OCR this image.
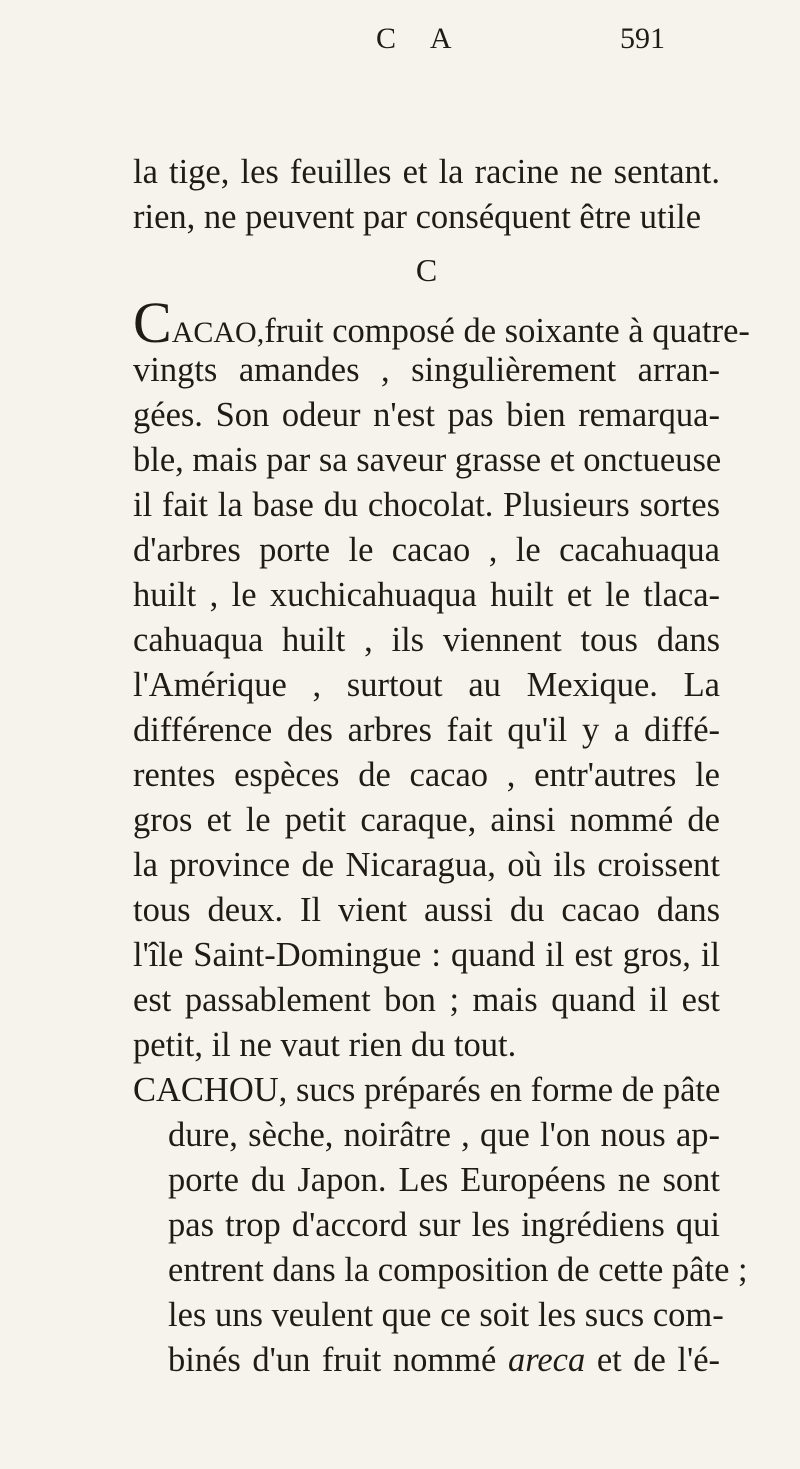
C A	591
la tige, les feuilles et la racine ne sentant.
rien, ne peuvent par conséquent être utile
C
CACAO,fruit composé de soixante à quatre-
vingts amandes , singulièrement arran-
gées. Son odeur n'est pas bien remarqua-
ble, mais par sa saveur grasse et onctueuse
il fait la base du chocolat. Plusieurs sortes
d'arbres porte le cacao , le cacahuaqua
huilt , le xuchicahuaqua huilt et le tlaca-
cahuaqua huilt , ils viennent tous dans
l'Amérique , surtout au Mexique. La
différence des arbres fait qu'il y a diffé-
rentes espèces de cacao , entr'autres le
gros et le petit caraque, ainsi nommé de
la province de Nicaragua, où ils croissent
tous deux. Il vient aussi du cacao dans
l'île Saint-Domingue : quand il est gros, il
est passablement bon ; mais quand il est
petit, il ne vaut rien du tout.
CACHOU, sucs préparés en forme de pâte
dure, sèche, noirâtre , que l'on nous ap-
porte du Japon. Les Européens ne sont
pas trop d'accord sur les ingrédiens qui
entrent dans la composition de cette pâte ;
les uns veulent que ce soit les sucs com-
binés d'un fruit nommé areca et de l'é-
